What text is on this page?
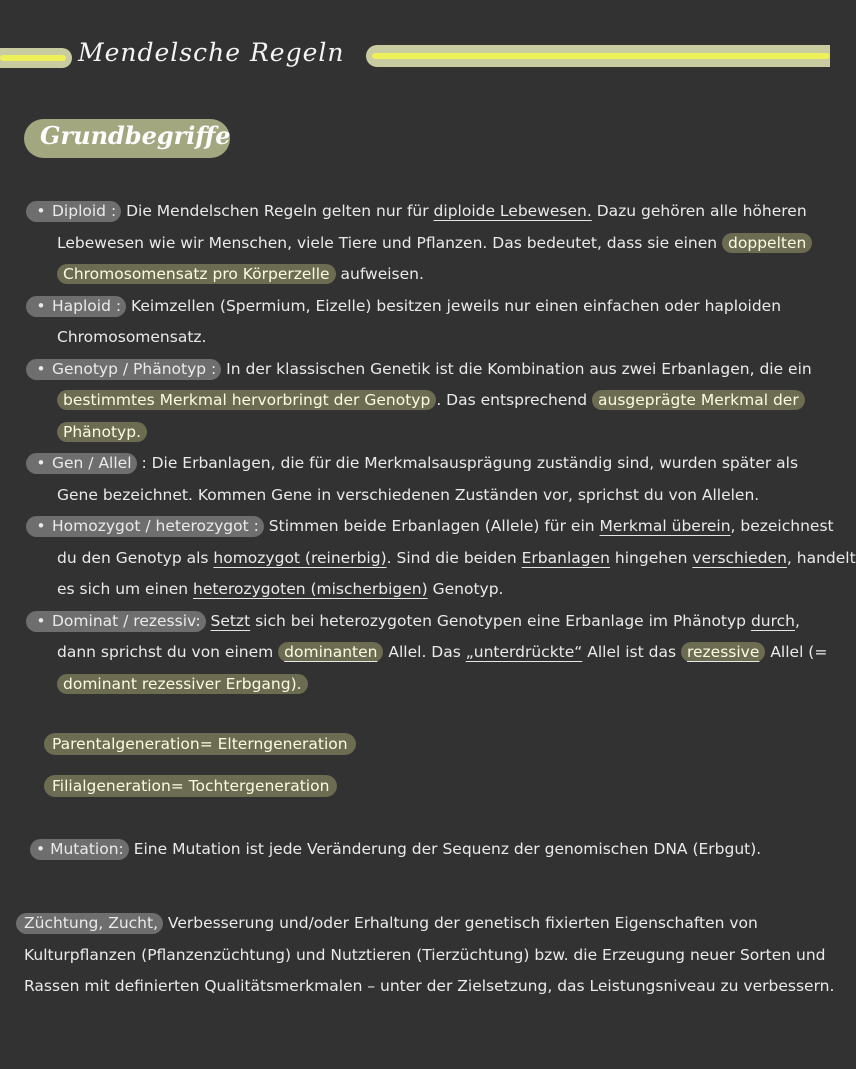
Mendelsche Regeln
Grundbegriffe
• Diploid : Die Mendelschen Regeln gelten nur für diploide Lebewesen. Dazu gehören alle höheren
Lebewesen wie wir Menschen, viele Tiere und Pflanzen. Das bedeutet, dass sie einen doppelten
Chromosomensatz pro Körperzelle aufweisen.
• Haploid : Keimzellen (Spermium, Eizelle) besitzen jeweils nur einen einfachen oder haploiden
Chromosomensatz.
• Genotyp / Phänotyp : In der klassischen Genetik ist die Kombination aus zwei Erbanlagen, die ein
bestimmtes Merkmal hervorbringt der Genotyp . Das entsprechend ausgeprägte Merkmal der
Phänotyp.
• Gen / Allel : Die Erbanlagen, die für die Merkmalsausprägung zuständig sind, wurden später als
Gene bezeichnet. Kommen Gene in verschiedenen Zuständen vor, sprichst du von Allelen.
• Homozygot / heterozygot : Stimmen beide Erbanlagen (Allele) für ein Merkmal überein, bezeichnest
du den Genotyp als homozygot (reinerbig). Sind die beiden Erbanlagen hingehen verschieden, handelt
es sich um einen heterozygoten (mischerbigen) Genotyp.
• Dominat / rezessiv: Setzt sich bei heterozygoten Genotypen eine Erbanlage im Phänotyp durch,
dann sprichst du von einem dominanten Allel. Das „unterdrückte“ Allel ist das rezessive Allel (=
dominant rezessiver Erbgang).
Parentalgeneration= Elterngeneration
Filialgeneration= Tochtergeneration
• Mutation: Eine Mutation ist jede Veränderung der Sequenz der genomischen DNA (Erbgut).
Züchtung, Zucht, Verbesserung und/oder Erhaltung der genetisch fixierten Eigenschaften von
Kulturpflanzen (Pflanzenzüchtung) und Nutztieren (Tierzüchtung) bzw. die Erzeugung neuer Sorten und
Rassen mit definierten Qualitätsmerkmalen – unter der Zielsetzung, das Leistungsniveau zu verbessern.
